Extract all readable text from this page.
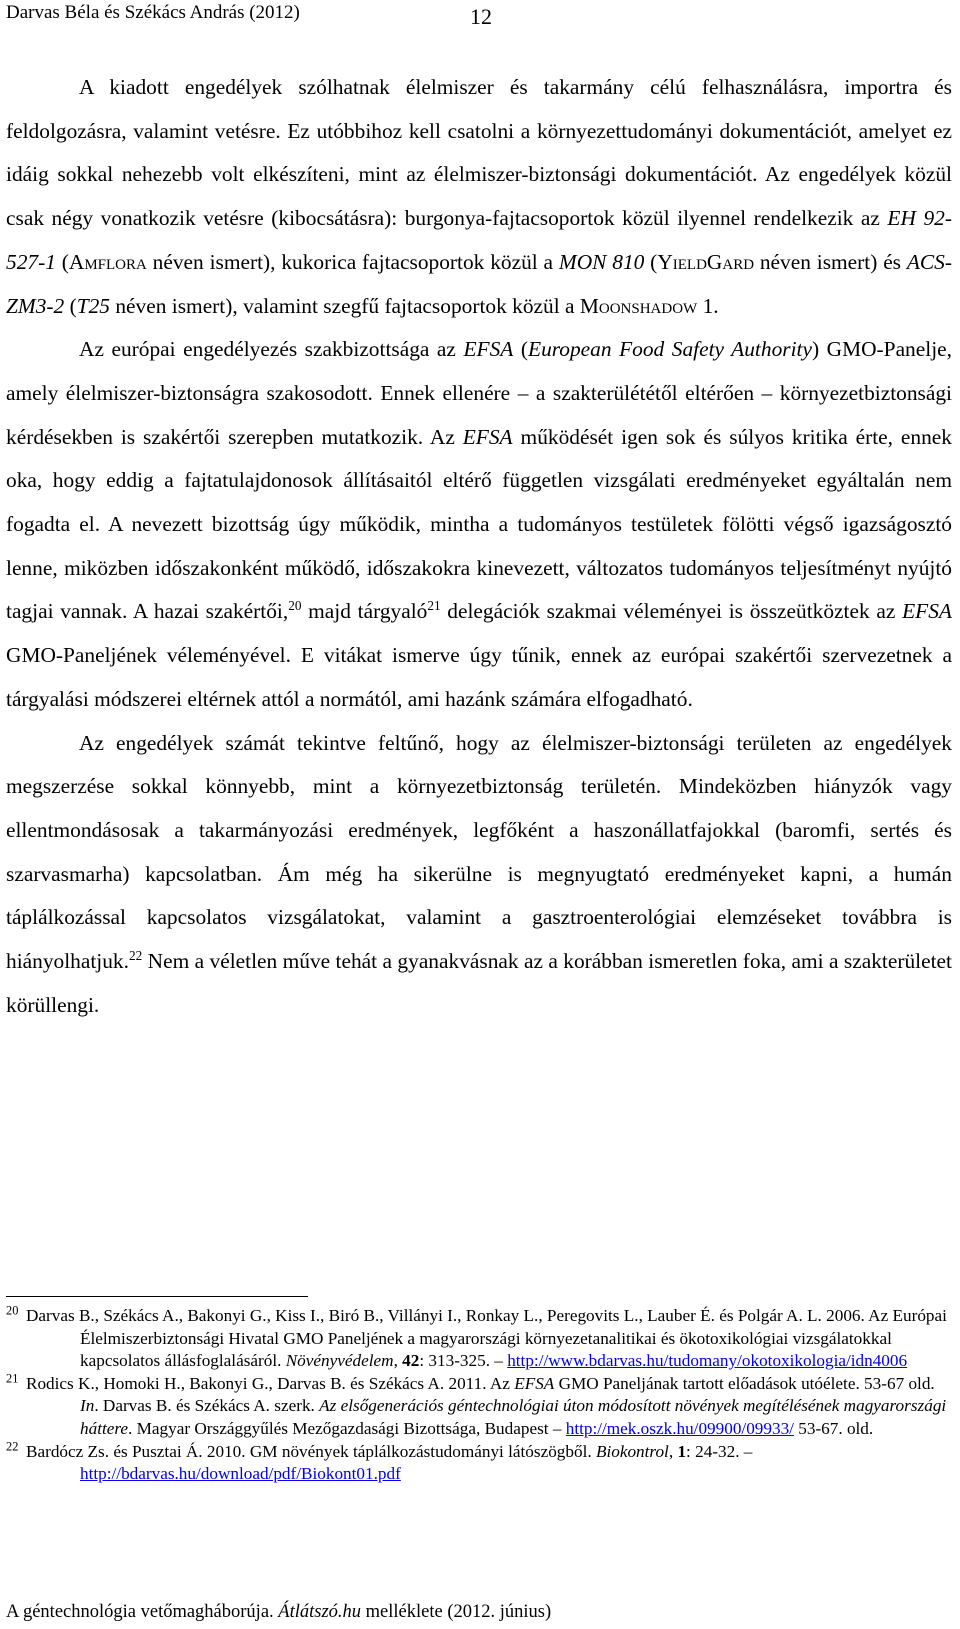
Darvas Béla és Székács András (2012)	12

A kiadott engedélyek szólhatnak élelmiszer és takarmány célú felhasználásra, importra és feldolgozásra, valamint vetésre. Ez utóbbihoz kell csatolni a környezettudományi dokumentációt, amelyet ez idáig sokkal nehezebb volt elkészíteni, mint az élelmiszer-biztonsági dokumentációt. Az engedélyek közül csak négy vonatkozik vetésre (kibocsátásra): burgonya-fajtacsoportok közül ilyennel rendelkezik az EH 92-527-1 (Amflora néven ismert), kukorica fajtacsoportok közül a MON 810 (YieldGard néven ismert) és ACS-ZM3-2 (T25 néven ismert), valamint szegfű fajtacsoportok közül a Moonshadow 1.

Az európai engedélyezés szakbizottsága az EFSA (European Food Safety Authority) GMO-Panelje, amely élelmiszer-biztonságra szakosodott. Ennek ellenére – a szakterülététől eltérően – környezetbiztonsági kérdésekben is szakértői szerepben mutatkozik. Az EFSA működését igen sok és súlyos kritika érte, ennek oka, hogy eddig a fajtatulajdonosok állításaitól eltérő független vizsgálati eredményeket egyáltalán nem fogadta el. A nevezett bizottság úgy működik, mintha a tudományos testületek fölötti végső igazságosztó lenne, miközben időszakonként működő, időszakokra kinevezett, változatos tudományos teljesítményt nyújtó tagjai vannak. A hazai szakértői,$^{20}$ majd tárgyaló$^{21}$ delegációk szakmai véleményei is összeütköztek az EFSA GMO-Paneljének véleményével. E vitákat ismerve úgy tűnik, ennek az európai szakértői szervezetnek a tárgyalási módszerei eltérnek attól a normától, ami hazánk számára elfogadható.

Az engedélyek számát tekintve feltűnő, hogy az élelmiszer-biztonsági területen az engedélyek megszerzése sokkal könnyebb, mint a környezetbiztonság területén. Mindeközben hiányzók vagy ellentmondásosak a takarmányozási eredmények, legfőként a haszonállatfajokkal (baromfi, sertés és szarvasmarha) kapcsolatban. Ám még ha sikerülne is megnyugtató eredményeket kapni, a humán táplálkozással kapcsolatos vizsgálatokat, valamint a gasztroenterológiai elemzéseket továbbra is hiányolhatjuk.$^{22}$ Nem a véletlen műve tehát a gyanakvásnak az a korábban ismeretlen foka, ami a szakterületet körüllengi.

$^{20}$ Darvas B., Székács A., Bakonyi G., Kiss I., Biró B., Villányi I., Ronkay L., Peregovits L., Lauber É. és Polgár A. L. 2006. Az Európai Élelmiszerbiztonsági Hivatal GMO Paneljének a magyarországi környezetanalitikai és ökotoxikológiai vizsgálatokkal kapcsolatos állásfoglalásáról. Növényvédelem, 42: 313-325. – http://www.bdarvas.hu/tudomany/okotoxikologia/idn4006
$^{21}$ Rodics K., Homoki H., Bakonyi G., Darvas B. és Székács A. 2011. Az EFSA GMO Paneljának tartott előadások utóélete. 53-67 old. In. Darvas B. és Székács A. szerk. Az elsőgenerációs géntechnológiai úton módosított növények megítélésének magyarországi háttere. Magyar Országgyűlés Mezőgazdasági Bizottsága, Budapest – http://mek.oszk.hu/09900/09933/ 53-67. old.
$^{22}$ Bardócz Zs. és Pusztai Á. 2010. GM növények táplálkozástudományi látószögből. Biokontrol, 1: 24-32. – http://bdarvas.hu/download/pdf/Biokont01.pdf
A géntechnológia vetőmagháborúja. Átlátszó.hu melléklete (2012. június)
